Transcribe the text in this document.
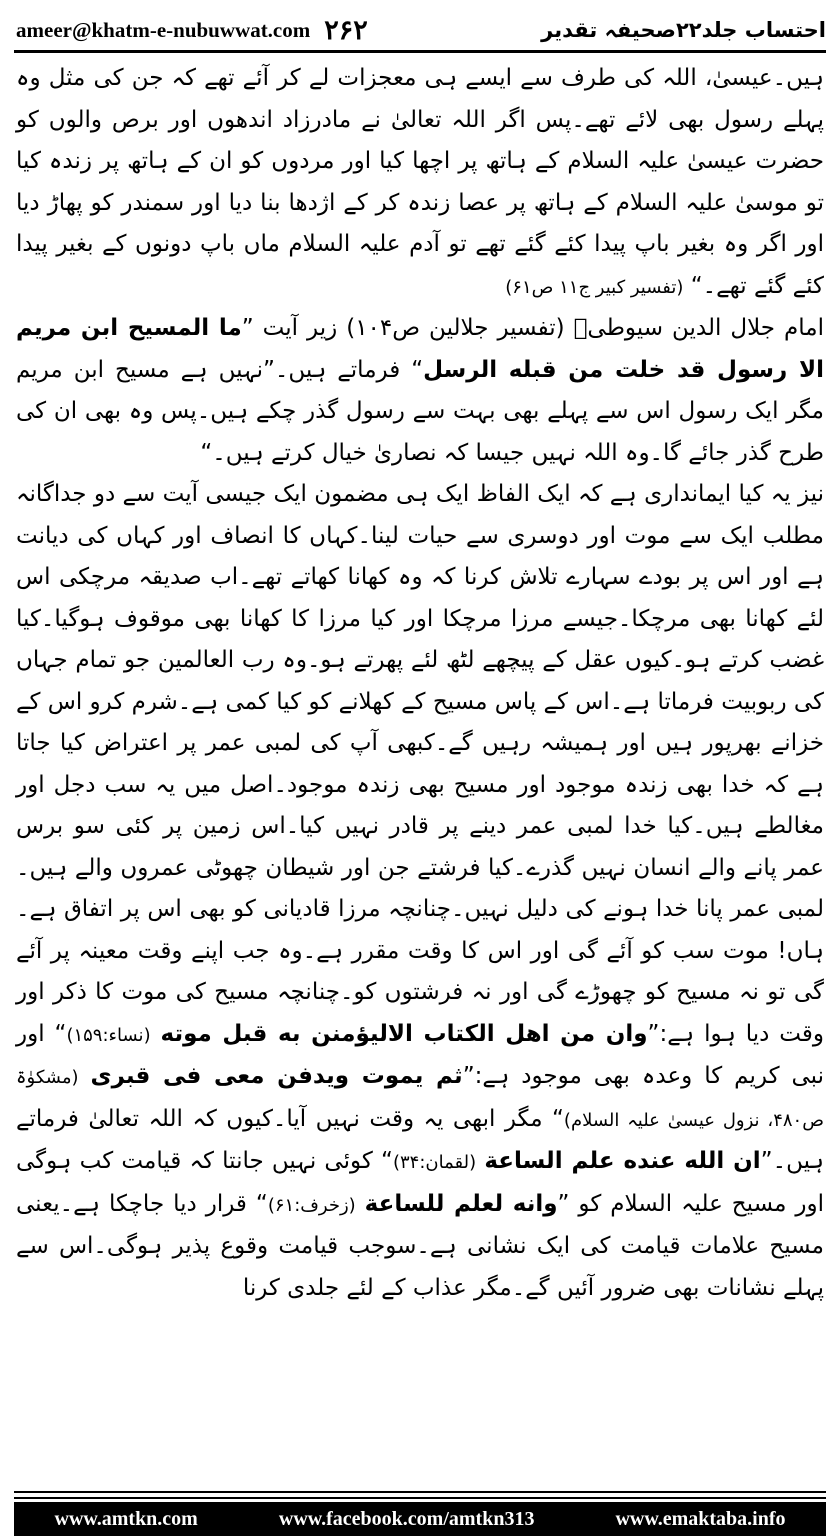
ameer@khatm-e-nubuwwat.com ۲۶۲	احتساب جلد۲۲صحیفہ تقدیر

ہیں۔عیسیٰ، اللہ کی طرف سے ایسے ہی معجزات لے کر آئے تھے کہ جن کی مثل وہ پہلے رسول بھی لائے تھے۔پس اگر اللہ تعالیٰ نے مادرزاد اندھوں اور برص والوں کو حضرت عیسیٰ علیہ السلام کے ہاتھ پر اچھا کیا اور مردوں کو ان کے ہاتھ پر زندہ کیا تو موسیٰ علیہ السلام کے ہاتھ پر عصا زندہ کر کے اژدھا بنا دیا اور سمندر کو پھاڑ دیا اور اگر وہ بغیر باپ پیدا کئے گئے تھے تو آدم علیہ السلام ماں باپ دونوں کے بغیر پیدا کئے گئے تھے۔“ (تفسیر کبیر ج۱۱ ص۶۱)

امام جلال الدین سیوطیؒ (تفسیر جلالین ص۱۰۴) زیر آیت ”ما المسیح ابن مریم الا رسول قد خلت من قبله الرسل“ فرماتے ہیں۔”نہیں ہے مسیح ابن مریم مگر ایک رسول اس سے پہلے بھی بہت سے رسول گذر چکے ہیں۔پس وہ بھی ان کی طرح گذر جائے گا۔وہ اللہ نہیں جیسا کہ نصاریٰ خیال کرتے ہیں۔“

نیز یہ کیا ایمانداری ہے کہ ایک الفاظ ایک ہی مضمون ایک جیسی آیت سے دو جداگانہ مطلب ایک سے موت اور دوسری سے حیات لینا۔کہاں کا انصاف اور کہاں کی دیانت ہے اور اس پر بودے سہارے تلاش کرنا کہ وہ کھانا کھاتے تھے۔اب صدیقہ مرچکی اس لئے کھانا بھی مرچکا۔جیسے مرزا مرچکا اور کیا مرزا کا کھانا بھی موقوف ہوگیا۔کیا غضب کرتے ہو۔کیوں عقل کے پیچھے لٹھ لئے پھرتے ہو۔وہ رب العالمین جو تمام جہاں کی ربوبیت فرماتا ہے۔اس کے پاس مسیح کے کھلانے کو کیا کمی ہے۔شرم کرو اس کے خزانے بھرپور ہیں اور ہمیشہ رہیں گے۔کبھی آپ کی لمبی عمر پر اعتراض کیا جاتا ہے کہ خدا بھی زندہ موجود اور مسیح بھی زندہ موجود۔اصل میں یہ سب دجل اور مغالطے ہیں۔کیا خدا لمبی عمر دینے پر قادر نہیں کیا۔اس زمین پر کئی سو برس عمر پانے والے انسان نہیں گذرے۔کیا فرشتے جن اور شیطان چھوٹی عمروں والے ہیں۔لمبی عمر پانا خدا ہونے کی دلیل نہیں۔چنانچہ مرزا قادیانی کو بھی اس پر اتفاق ہے۔ہاں! موت سب کو آئے گی اور اس کا وقت مقرر ہے۔وہ جب اپنے وقت معینہ پر آئے گی تو نہ مسیح کو چھوڑے گی اور نہ فرشتوں کو۔چنانچہ مسیح کی موت کا ذکر اور وقت دیا ہوا ہے:”وان من اهل الکتاب الالیؤمنن به قبل موته (نساء:۱۵۹)“ اور نبی کریم کا وعدہ بھی موجود ہے:”ثم یموت ویدفن معی فی قبری (مشکوٰۃ ص۴۸۰، نزول عیسیٰ علیہ السلام)“ مگر ابھی یہ وقت نہیں آیا۔کیوں کہ اللہ تعالیٰ فرماتے ہیں۔”ان الله عنده علم الساعة (لقمان:۳۴)“ کوئی نہیں جانتا کہ قیامت کب ہوگی اور مسیح علیہ السلام کو ”وانه لعلم للساعة (زخرف:۶۱)“ قرار دیا جاچکا ہے۔یعنی مسیح علامات قیامت کی ایک نشانی ہے۔سوجب قیامت وقوع پذیر ہوگی۔اس سے پہلے نشانات بھی ضرور آئیں گے۔مگر عذاب کے لئے جلدی کرنا

www.amtkn.com	www.facebook.com/amtkn313	www.emaktaba.info
